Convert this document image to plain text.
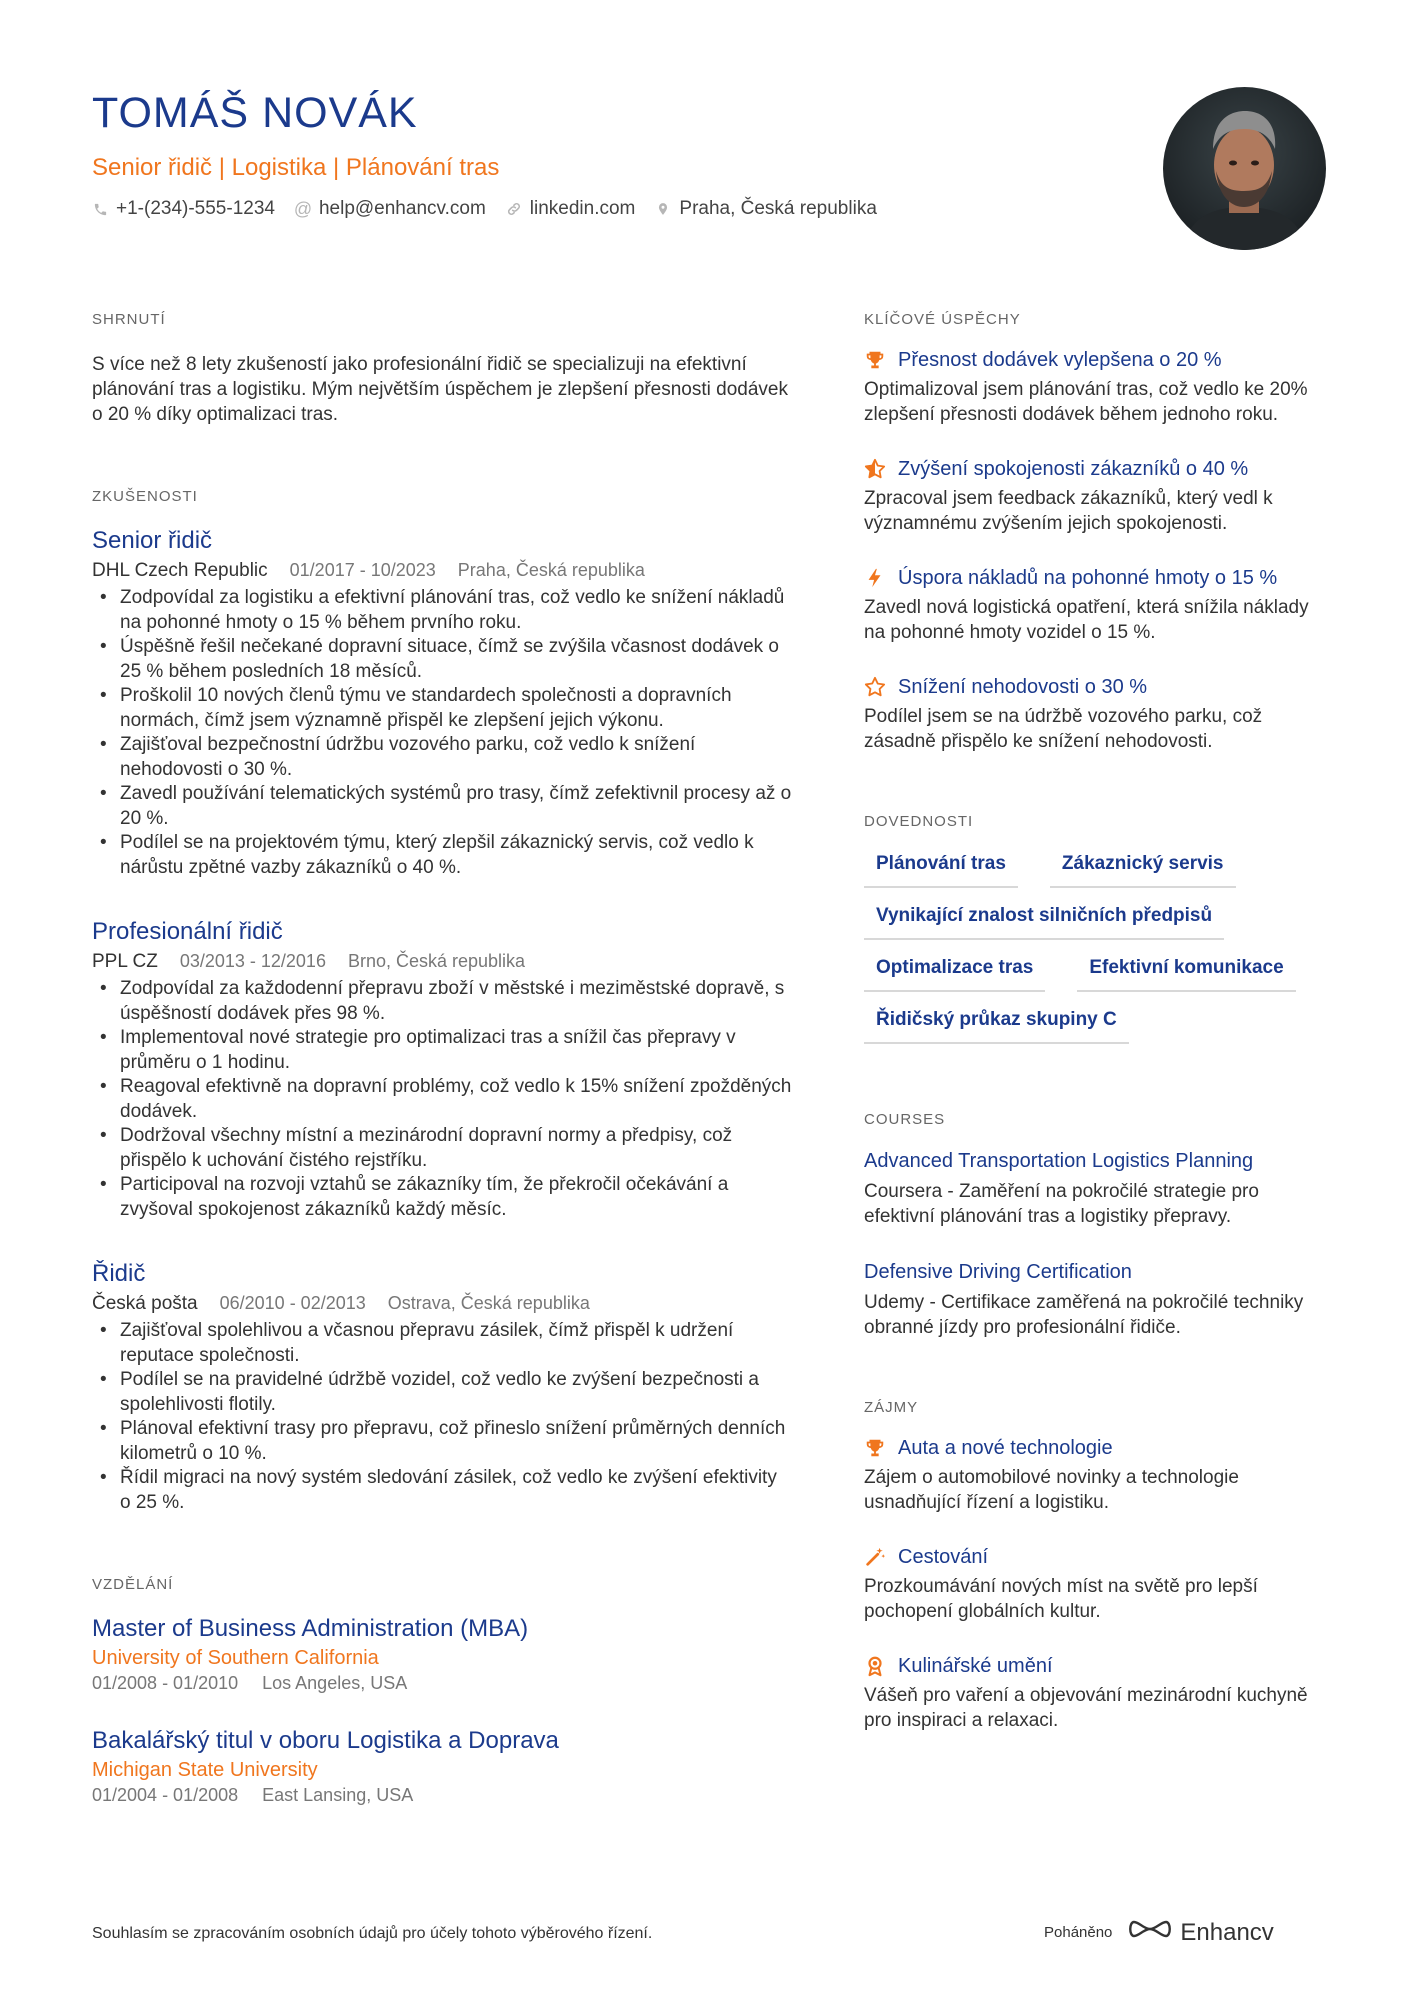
TOMÁŠ NOVÁK
Senior řidič | Logistika | Plánování tras
+1-(234)-555-1234 @ help@enhancv.com linkedin.com Praha, Česká republika
SHRNUTÍ
S více než 8 lety zkušeností jako profesionální řidič se specializuji na efektivní plánování tras a logistiku. Mým největším úspěchem je zlepšení přesnosti dodávek o 20 % díky optimalizaci tras.
ZKUŠENOSTI
Senior řidič
DHL Czech Republic 01/2017 - 10/2023 Praha, Česká republika
• Zodpovídal za logistiku a efektivní plánování tras, což vedlo ke snížení nákladů na pohonné hmoty o 15 % během prvního roku.
• Úspěšně řešil nečekané dopravní situace, čímž se zvýšila včasnost dodávek o 25 % během posledních 18 měsíců.
• Proškolil 10 nových členů týmu ve standardech společnosti a dopravních normách, čímž jsem významně přispěl ke zlepšení jejich výkonu.
• Zajišťoval bezpečnostní údržbu vozového parku, což vedlo k snížení nehodovosti o 30 %.
• Zavedl používání telematických systémů pro trasy, čímž zefektivnil procesy až o 20 %.
• Podílel se na projektovém týmu, který zlepšil zákaznický servis, což vedlo k nárůstu zpětné vazby zákazníků o 40 %.
Profesionální řidič
PPL CZ 03/2013 - 12/2016 Brno, Česká republika
• Zodpovídal za každodenní přepravu zboží v městské i meziměstské dopravě, s úspěšností dodávek přes 98 %.
• Implementoval nové strategie pro optimalizaci tras a snížil čas přepravy v průměru o 1 hodinu.
• Reagoval efektivně na dopravní problémy, což vedlo k 15% snížení zpožděných dodávek.
• Dodržoval všechny místní a mezinárodní dopravní normy a předpisy, což přispělo k uchování čistého rejstříku.
• Participoval na rozvoji vztahů se zákazníky tím, že překročil očekávání a zvyšoval spokojenost zákazníků každý měsíc.
Řidič
Česká pošta 06/2010 - 02/2013 Ostrava, Česká republika
• Zajišťoval spolehlivou a včasnou přepravu zásilek, čímž přispěl k udržení reputace společnosti.
• Podílel se na pravidelné údržbě vozidel, což vedlo ke zvýšení bezpečnosti a spolehlivosti flotily.
• Plánoval efektivní trasy pro přepravu, což přineslo snížení průměrných denních kilometrů o 10 %.
• Řídil migraci na nový systém sledování zásilek, což vedlo ke zvýšení efektivity o 25 %.
VZDĚLÁNÍ
Master of Business Administration (MBA)
University of Southern California
01/2008 - 01/2010 Los Angeles, USA
Bakalářský titul v oboru Logistika a Doprava
Michigan State University
01/2004 - 01/2008 East Lansing, USA
KLÍČOVÉ ÚSPĚCHY
Přesnost dodávek vylepšena o 20 %
Optimalizoval jsem plánování tras, což vedlo ke 20% zlepšení přesnosti dodávek během jednoho roku.
Zvýšení spokojenosti zákazníků o 40 %
Zpracoval jsem feedback zákazníků, který vedl k významnému zvýšením jejich spokojenosti.
Úspora nákladů na pohonné hmoty o 15 %
Zavedl nová logistická opatření, která snížila náklady na pohonné hmoty vozidel o 15 %.
Snížení nehodovosti o 30 %
Podílel jsem se na údržbě vozového parku, což zásadně přispělo ke snížení nehodovosti.
DOVEDNOSTI
Plánování tras	Zákaznický servis
Vynikající znalost silničních předpisů
Optimalizace tras	Efektivní komunikace
Řidičský průkaz skupiny C
COURSES
Advanced Transportation Logistics Planning
Coursera - Zaměření na pokročilé strategie pro efektivní plánování tras a logistiky přepravy.
Defensive Driving Certification
Udemy - Certifikace zaměřená na pokročilé techniky obranné jízdy pro profesionální řidiče.
ZÁJMY
Auta a nové technologie
Zájem o automobilové novinky a technologie usnadňující řízení a logistiku.
Cestování
Prozkoumávání nových míst na světě pro lepší pochopení globálních kultur.
Kulinářské umění
Vášeň pro vaření a objevování mezinárodní kuchyně pro inspiraci a relaxaci.
Souhlasím se zpracováním osobních údajů pro účely tohoto výběrového řízení.	Poháněno	Enhancv
